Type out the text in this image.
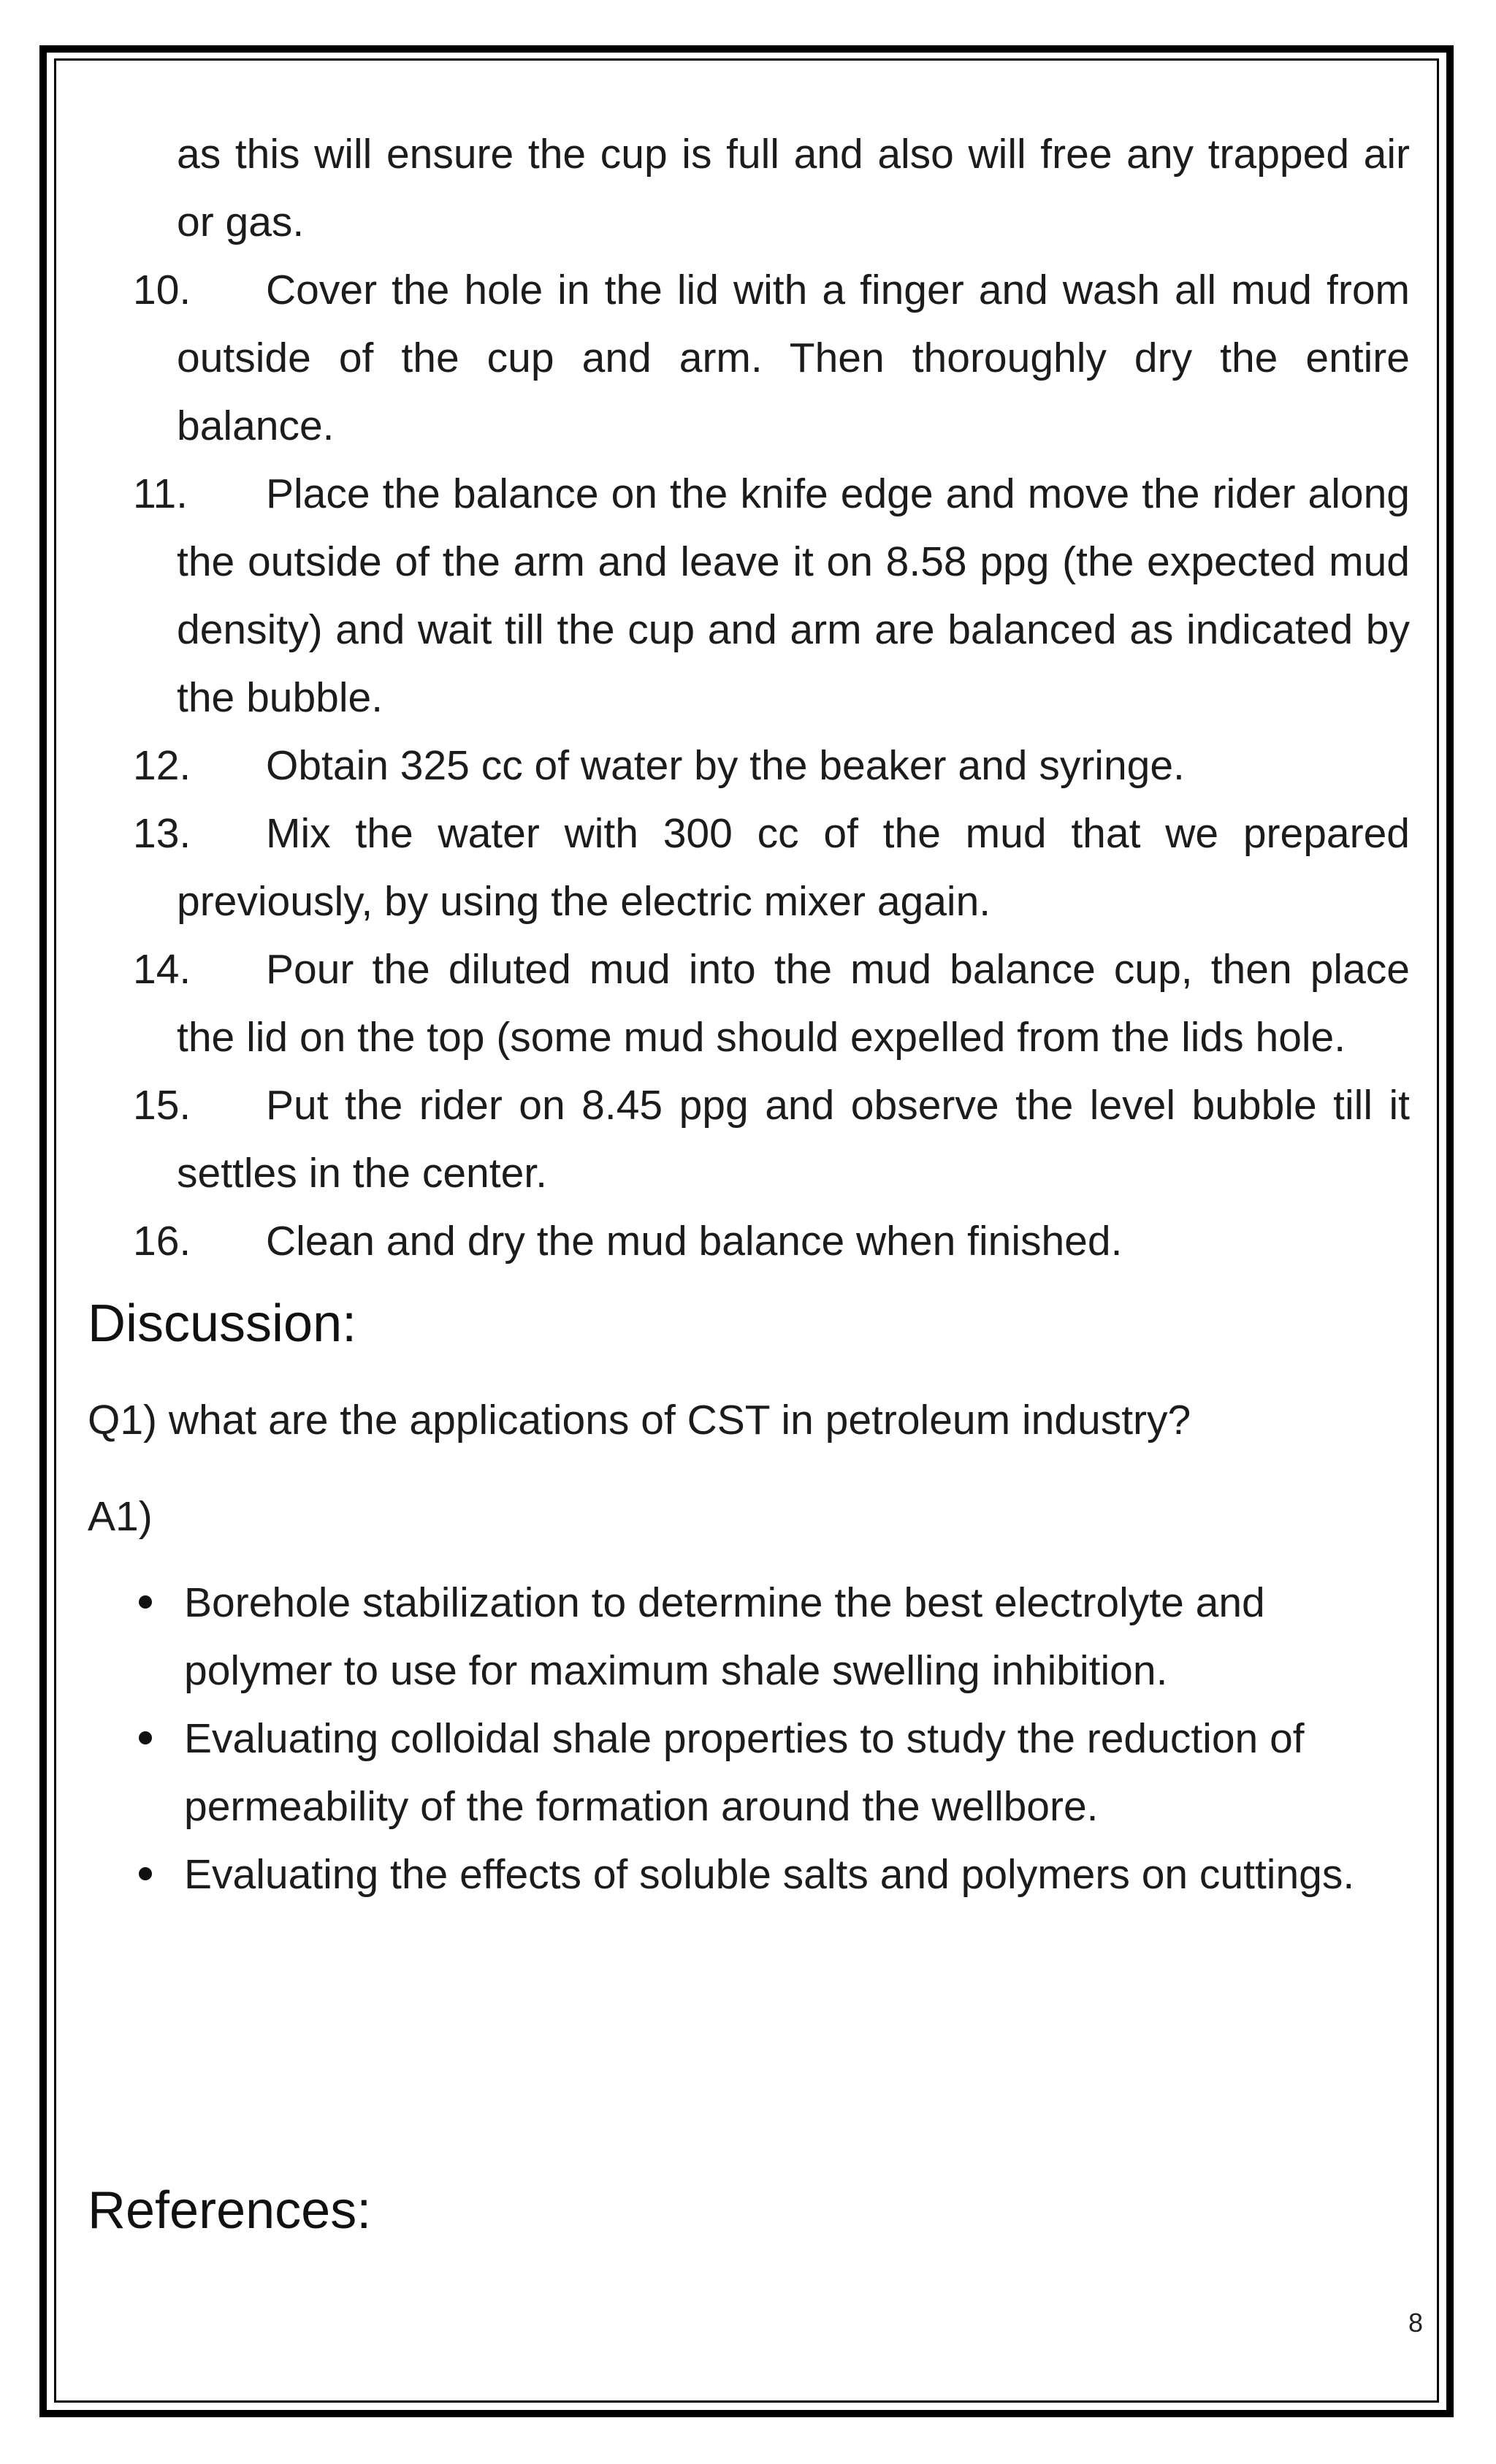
as this will ensure the cup is full and also will free any trapped air or gas.
10.	Cover the hole in the lid with a finger and wash all mud from outside of the cup and arm. Then thoroughly dry the entire balance.
11.	Place the balance on the knife edge and move the rider along the outside of the arm and leave it on 8.58 ppg (the expected mud density) and wait till the cup and arm are balanced as indicated by the bubble.
12.	Obtain 325 cc of water by the beaker and syringe.
13.	Mix the water with 300 cc of the mud that we prepared previously, by using the electric mixer again.
14.	Pour the diluted mud into the mud balance cup, then place the lid on the top (some mud should expelled from the lids hole.
15.	Put the rider on 8.45 ppg and observe the level bubble till it settles in the center.
16.	Clean and dry the mud balance when finished.
Discussion:
Q1) what are the applications of CST in petroleum industry?
A1)
Borehole stabilization to determine the best electrolyte and polymer to use for maximum shale swelling inhibition.
Evaluating colloidal shale properties to study the reduction of permeability of the formation around the wellbore.
Evaluating the effects of soluble salts and polymers on cuttings.
References:
8
